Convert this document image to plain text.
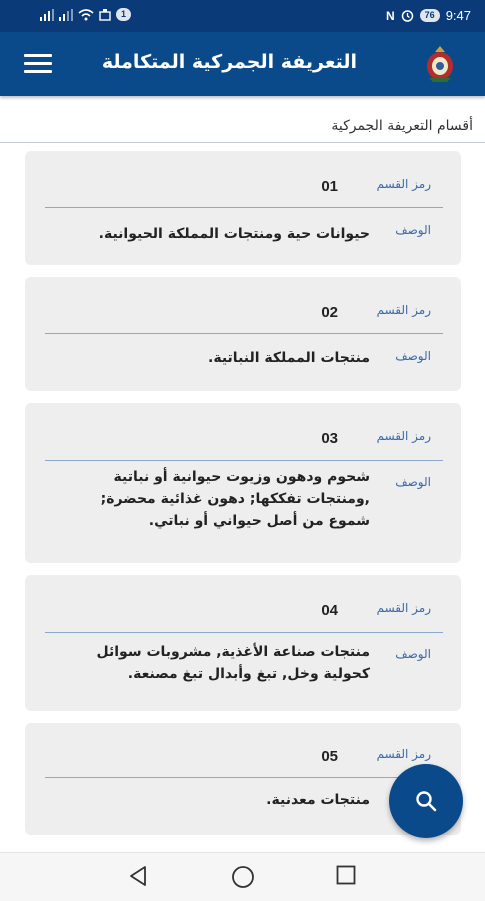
1	N	76 9:47
التعريفة الجمركية المتكاملة
أقسام التعريفة الجمركية
رمز القسم
01
الوصف
حيوانات حية ومنتجات المملكة الحيوانية.
رمز القسم
02
الوصف
منتجات المملكة النباتية.
رمز القسم
03
الوصف
شحوم ودهون وزيوت حيوانية أو نباتية ,ومنتجات تفككها; دهون غذائية محضرة; شموع من أصل حيواني أو نباتي.
رمز القسم
04
الوصف
منتجات صناعة الأغذية, مشروبات سوائل كحولية وخل, تبغ وأبدال تبغ مصنعة.
رمز القسم
05
منتجات معدنية.
